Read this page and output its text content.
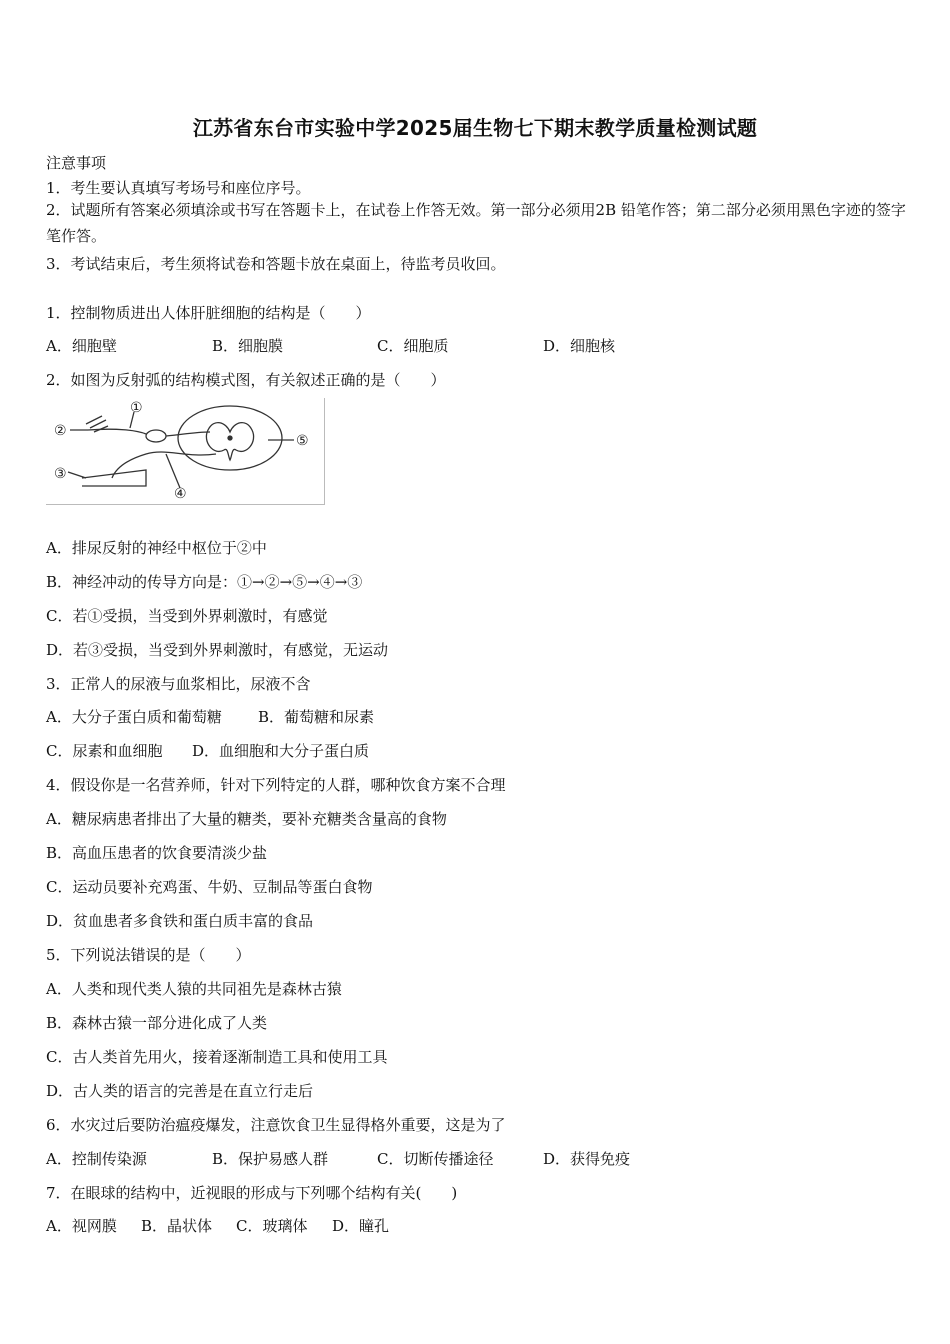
江苏省东台市实验中学2025届生物七下期末教学质量检测试题
注意事项
1．考生要认真填写考场号和座位序号。
2．试题所有答案必须填涂或书写在答题卡上，在试卷上作答无效。第一部分必须用2B 铅笔作答；第二部分必须用黑色字迹的签字笔作答。
3．考试结束后，考生须将试卷和答题卡放在桌面上，待监考员收回。
1．控制物质进出人体肝脏细胞的结构是（　　）
A．细胞壁	B．细胞膜	C．细胞质	D．细胞核
2．如图为反射弧的结构模式图，有关叙述正确的是（　　）
①
②
③
④
⑤
A．排尿反射的神经中枢位于②中
B．神经冲动的传导方向是：①→②→⑤→④→③
C．若①受损，当受到外界刺激时，有感觉
D．若③受损，当受到外界刺激时，有感觉，无运动
3．正常人的尿液与血浆相比，尿液不含
A．大分子蛋白质和葡萄糖 B．葡萄糖和尿素
C．尿素和血细胞 D．血细胞和大分子蛋白质
4．假设你是一名营养师，针对下列特定的人群，哪种饮食方案不合理
A．糖尿病患者排出了大量的糖类，要补充糖类含量高的食物
B．高血压患者的饮食要清淡少盐
C．运动员要补充鸡蛋、牛奶、豆制品等蛋白食物
D．贫血患者多食铁和蛋白质丰富的食品
5．下列说法错误的是（　　）
A．人类和现代类人猿的共同祖先是森林古猿
B．森林古猿一部分进化成了人类
C．古人类首先用火，接着逐渐制造工具和使用工具
D．古人类的语言的完善是在直立行走后
6．水灾过后要防治瘟疫爆发，注意饮食卫生显得格外重要，这是为了
A．控制传染源	B．保护易感人群	C．切断传播途径	D．获得免疫
7．在眼球的结构中，近视眼的形成与下列哪个结构有关(　　)
A．视网膜 B．晶状体 C．玻璃体 D．瞳孔
